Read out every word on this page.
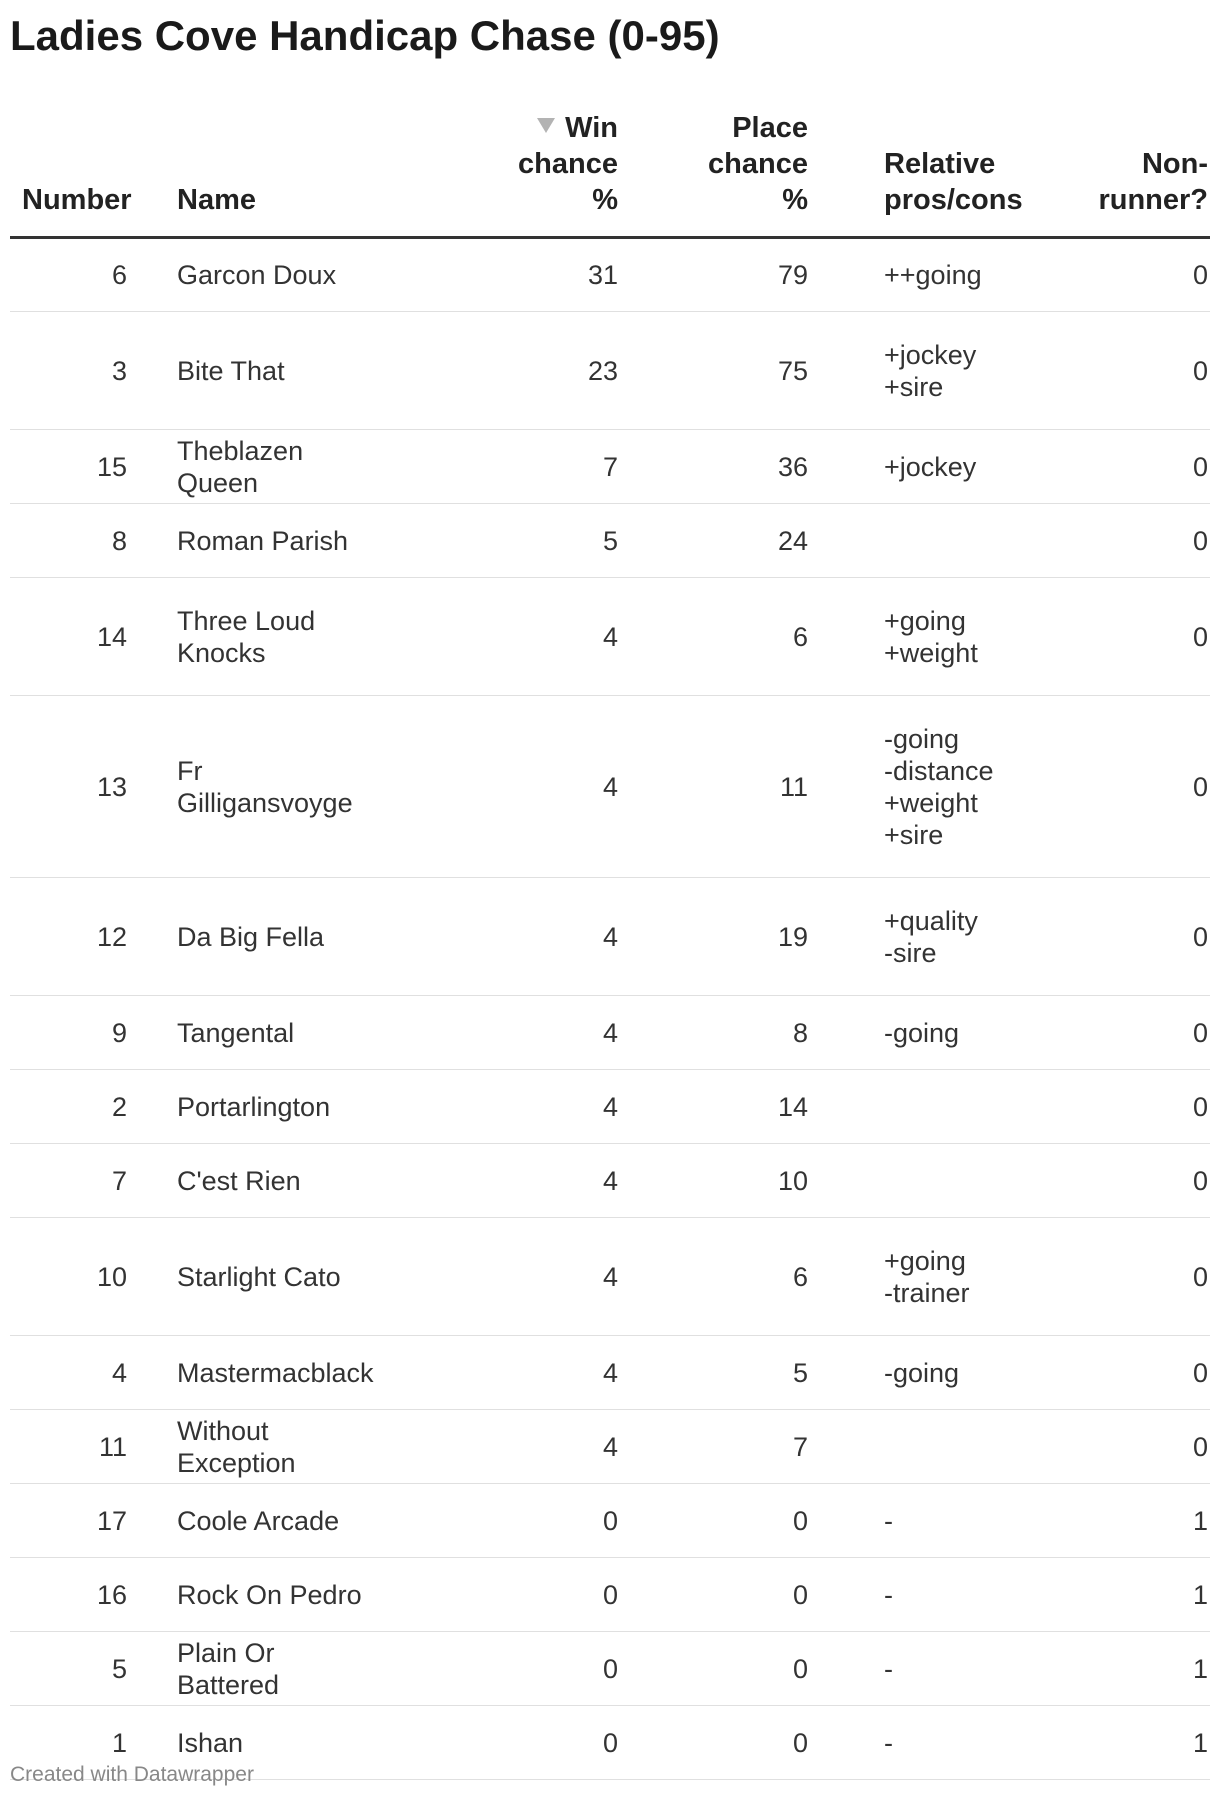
Ladies Cove Handicap Chase (0-95)
Number	Name	Win
chance
%	Place
chance
%	Relative
pros/cons	Non-
runner?

6	Garcon Doux	31	79	++going	0
3	Bite That	23	75	+jockey
+sire	0
15	Theblazen Queen	7	36	+jockey	0
8	Roman Parish	5	24		0
14	Three Loud Knocks	4	6	+going
+weight	0
13	Fr Gilligansvoyge	4	11	-going
-distance
+weight
+sire	0
12	Da Big Fella	4	19	+quality
-sire	0
9	Tangental	4	8	-going	0
2	Portarlington	4	14		0
7	C'est Rien	4	10		0
10	Starlight Cato	4	6	+going
-trainer	0
4	Mastermacblack	4	5	-going	0
11	Without Exception	4	7		0
17	Coole Arcade	0	0	-	1
16	Rock On Pedro	0	0	-	1
5	Plain Or Battered	0	0	-	1
1	Ishan	0	0	-	1
Created with Datawrapper
